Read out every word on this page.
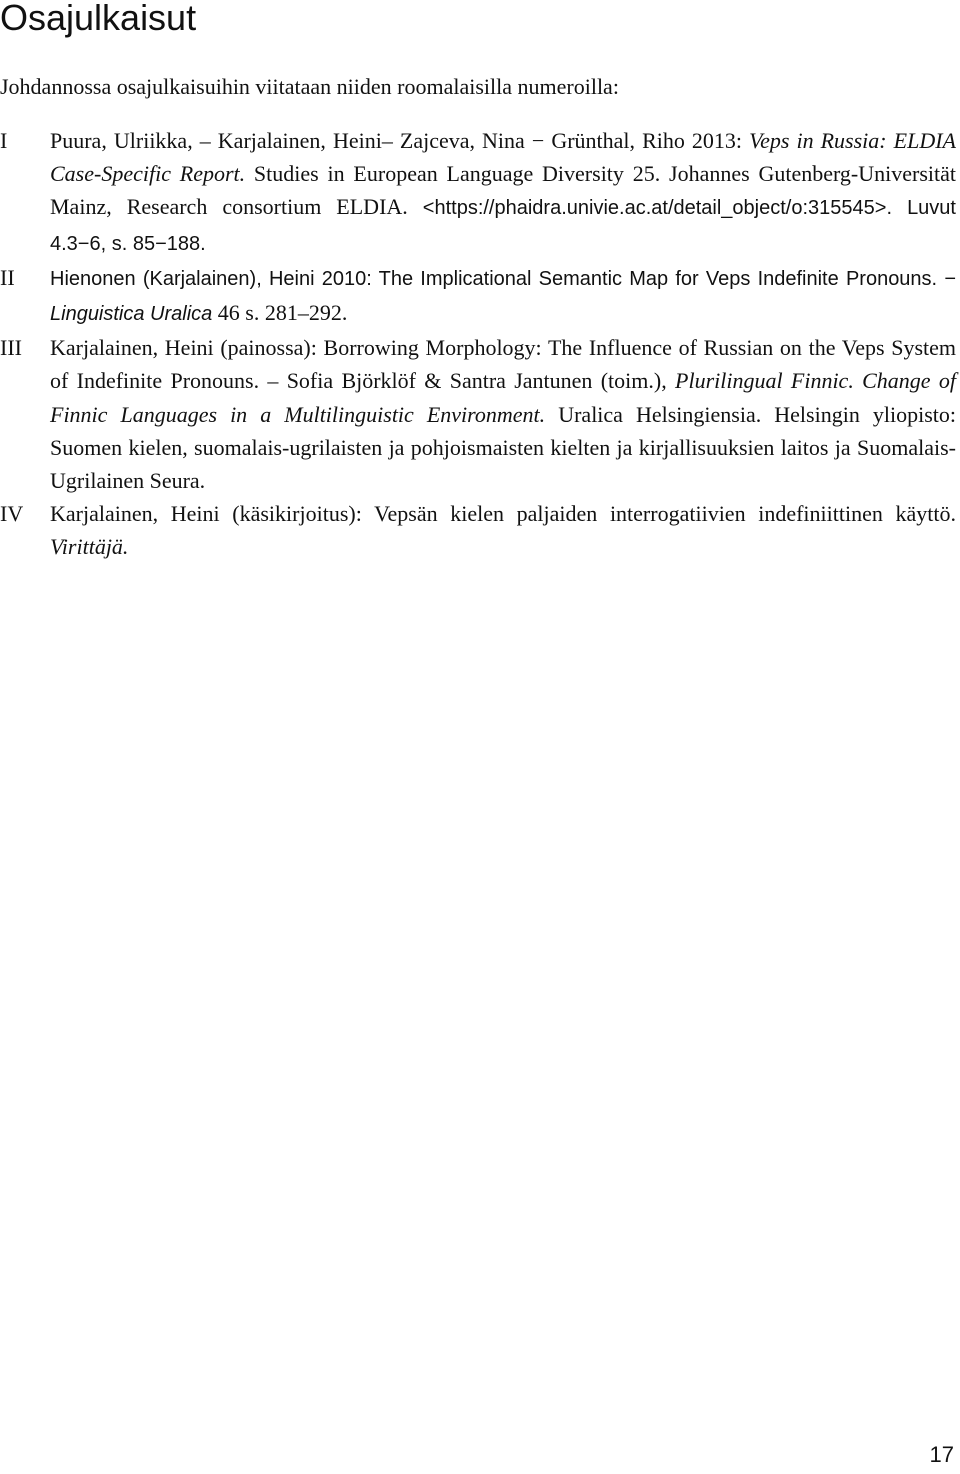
Osajulkaisut

Johdannossa osajulkaisuihin viitataan niiden roomalaisilla numeroilla:

I Puura, Ulriikka, – Karjalainen, Heini– Zajceva, Nina − Grünthal, Riho 2013: Veps in Russia: ELDIA Case-Specific Report. Studies in European Language Diversity 25. Johannes Gutenberg-Universität Mainz, Research consortium ELDIA. <https://phaidra.univie.ac.at/detail_object/o:315545>. Luvut 4.3−6, s. 85−188.
II Hienonen (Karjalainen), Heini 2010: The Implicational Semantic Map for Veps Indefinite Pronouns. − Linguistica Uralica 46 s. 281–292.
III Karjalainen, Heini (painossa): Borrowing Morphology: The Influence of Russian on the Veps System of Indefinite Pronouns. – Sofia Björklöf & Santra Jantunen (toim.), Plurilingual Finnic. Change of Finnic Languages in a Multilinguistic Environment. Uralica Helsingiensia. Helsingin yliopisto: Suomen kielen, suomalais-ugrilaisten ja pohjoismaisten kielten ja kirjallisuuksien laitos ja Suomalais-Ugrilainen Seura.
IV Karjalainen, Heini (käsikirjoitus): Vepsän kielen paljaiden interrogatiivien indefiniittinen käyttö. Virittäjä.
17
